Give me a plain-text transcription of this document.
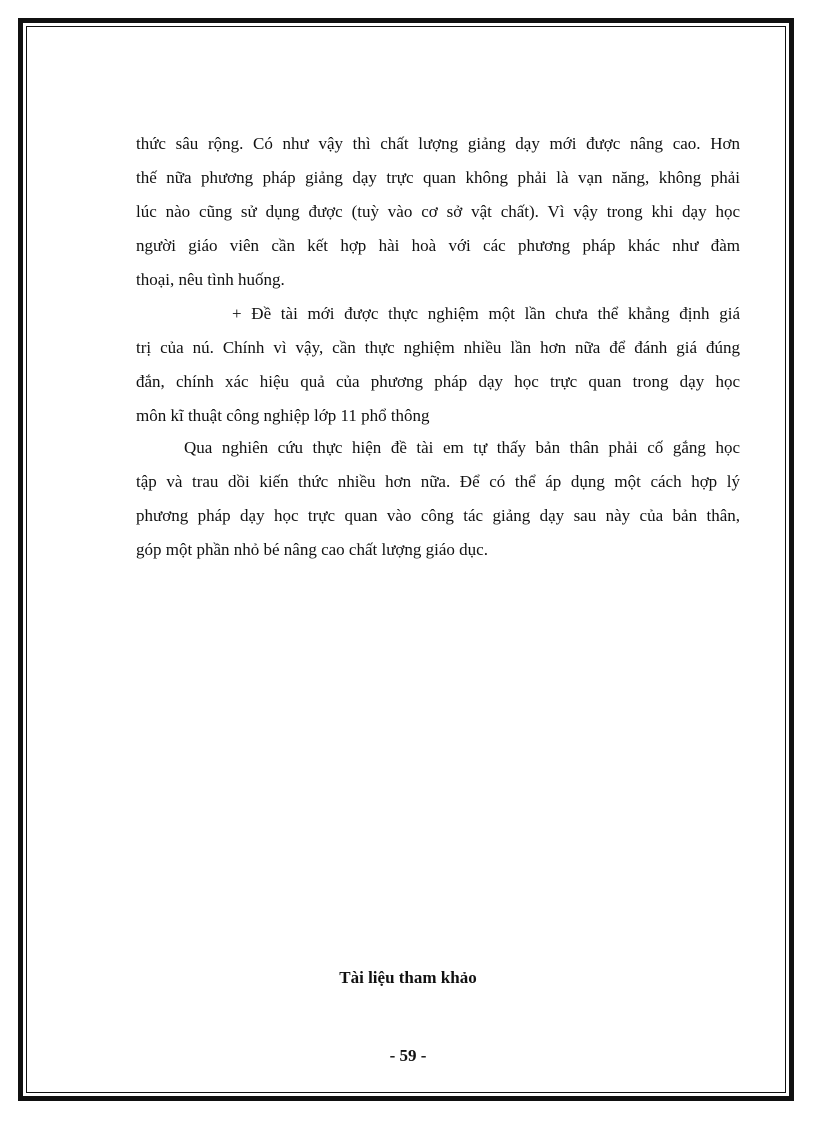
thức sâu rộng. Có như vậy thì chất lượng giảng dạy mới được nâng cao. Hơn
thế nữa phương pháp giảng dạy trực quan không phải là vạn năng, không phải
lúc nào cũng sử dụng được (tuỳ vào cơ sở vật chất). Vì vậy trong khi dạy học
người giáo viên cần kết hợp hài hoà với các phương pháp khác như đàm
thoại, nêu tình huống.
+ Đề tài mới được thực nghiệm một lần chưa thể khẳng định giá
trị của nú. Chính vì vậy, cần thực nghiệm nhiều lần hơn nữa để đánh giá đúng
đắn, chính xác hiệu quả của phương pháp dạy học trực quan trong dạy học
môn kĩ thuật công nghiệp lớp 11 phổ thông
Qua nghiên cứu thực hiện đề tài em tự thấy bản thân phải cố gắng học
tập và trau dồi kiến thức nhiều hơn nữa. Để có thể áp dụng một cách hợp lý
phương pháp dạy học trực quan vào công tác giảng dạy sau này của bản thân,
góp một phần nhỏ bé nâng cao chất lượng giáo dục.
Tài liệu tham khảo
- 59 -
